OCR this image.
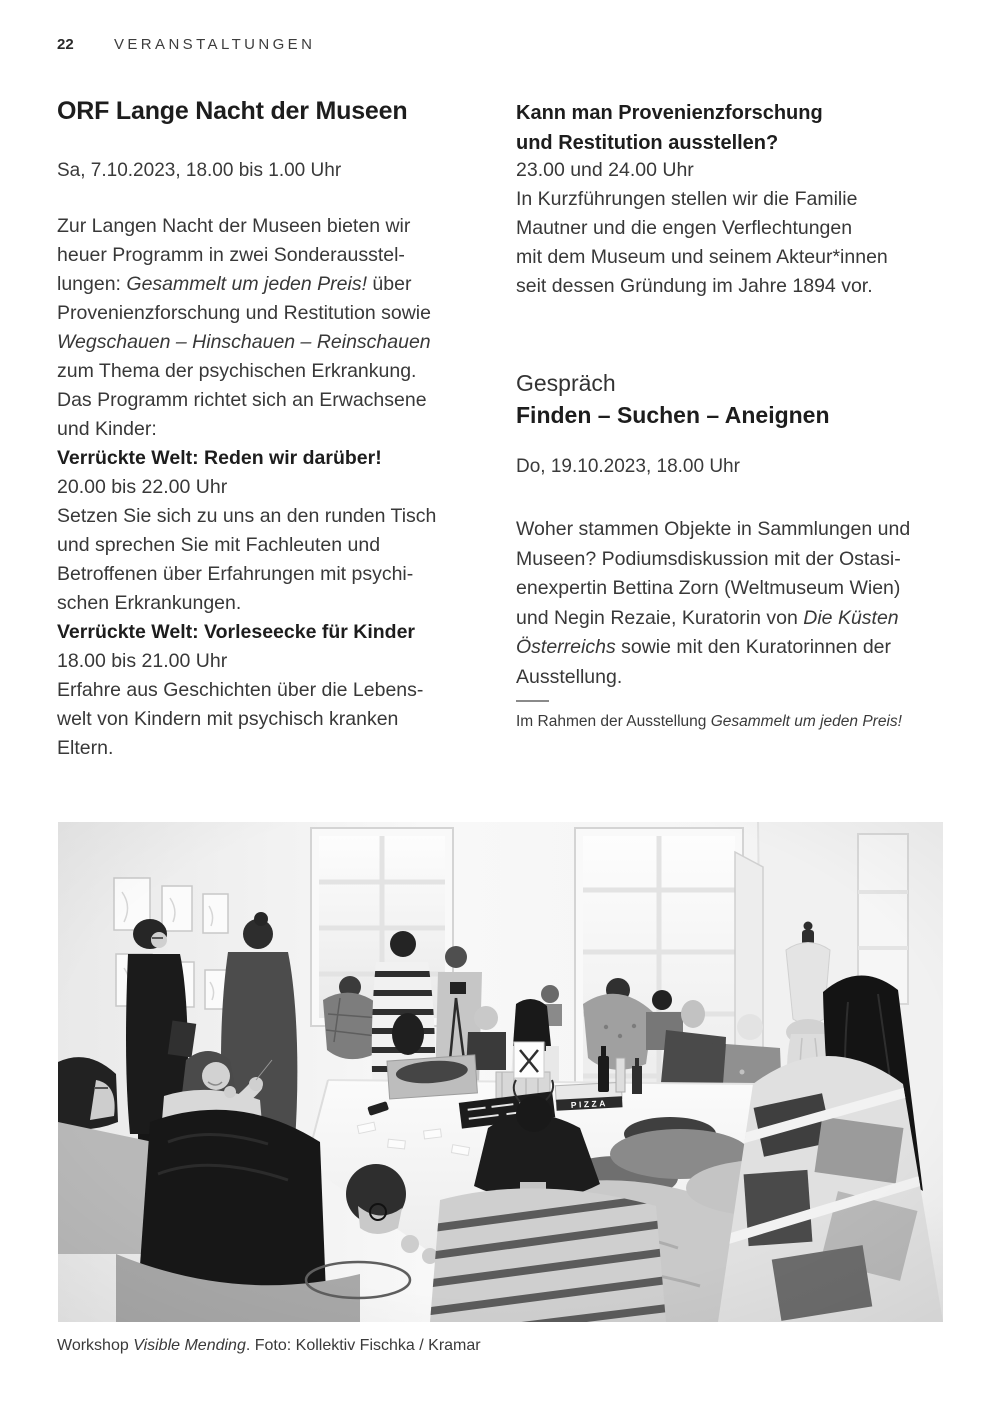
22	VERANSTALTUNGEN
ORF Lange Nacht der Museen
Sa, 7.10.2023, 18.00 bis 1.00 Uhr
Zur Langen Nacht der Museen bieten wir
heuer Programm in zwei Sonderausstel-
lungen: Gesammelt um jeden Preis! über
Provenienzforschung und Restitution sowie
Wegschauen – Hinschauen – Reinschauen
zum Thema der psychischen Erkrankung.
Das Programm richtet sich an Erwachsene
und Kinder:
Verrückte Welt: Reden wir darüber!
20.00 bis 22.00 Uhr
Setzen Sie sich zu uns an den runden Tisch
und sprechen Sie mit Fachleuten und
Betroffenen über Erfahrungen mit psychi-
schen Erkrankungen.
Verrückte Welt: Vorleseecke für Kinder
18.00 bis 21.00 Uhr
Erfahre aus Geschichten über die Lebens-
welt von Kindern mit psychisch kranken
Eltern.
Kann man Provenienzforschung
und Restitution ausstellen?
23.00 und 24.00 Uhr
In Kurzführungen stellen wir die Familie
Mautner und die engen Verflechtungen
mit dem Museum und seinem Akteur*innen
seit dessen Gründung im Jahre 1894 vor.
Gespräch
Finden – Suchen – Aneignen
Do, 19.10.2023, 18.00 Uhr
Woher stammen Objekte in Sammlungen und
Museen? Podiumsdiskussion mit der Ostasi-
enexpertin Bettina Zorn (Weltmuseum Wien)
und Negin Rezaie, Kuratorin von Die Küsten
Österreichs sowie mit den Kuratorinnen der
Ausstellung.
Im Rahmen der Ausstellung Gesammelt um jeden Preis!
Workshop Visible Mending. Foto: Kollektiv Fischka / Kramar
